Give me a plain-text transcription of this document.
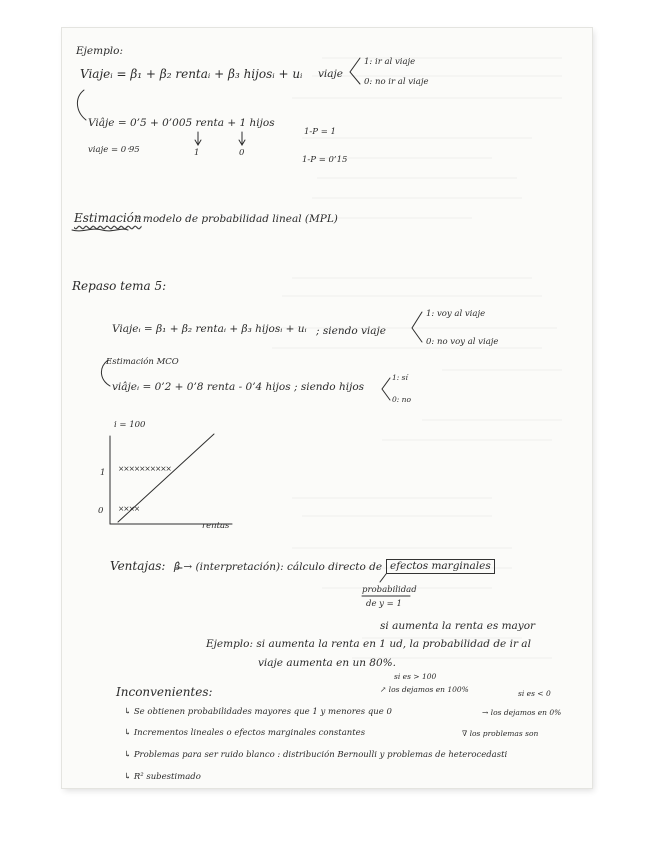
Ejemplo:
Viajeᵢ = β₁ + β₂ rentaᵢ + β₃ hijosᵢ + uᵢ viaje
1: ir al viaje
0: no ir al viaje
Viâje = 0’5 + 0’005 renta + 1 hijos
viaje = 0‧95	1	0
1-P = 1
1-P = 0’15
Estimación
: modelo de probabilidad lineal (MPL)
Repaso tema 5:
Viajeᵢ = β₁ + β₂ rentaᵢ + β₃ hijosᵢ + uᵢ ; siendo viaje
1: voy al viaje
0: no voy al viaje
Estimación MCO
viâjeᵢ = 0’2 + 0’8 renta - 0’4 hijos ; siendo hijos
1: sí
0: no
i = 100
1
0
××××××××××
××××
rentas
Ventajas: β̂ → (interpretación): cálculo directo de efectos marginales
probabilidad
de y = 1
si aumenta la renta es mayor
Ejemplo: si aumenta la renta en 1 ud, la probabilidad de ir al
viaje aumenta en un 80%.
Inconvenientes:
si es > 100
↗ los dejamos en 100%	si es < 0
↳ Se obtienen probabilidades mayores que 1 y menores que 0	→ los dejamos en 0%
↳ Incrementos lineales o efectos marginales constantes	∇ los problemas son
↳ Problemas para ser ruido blanco : distribución Bernoulli y problemas de heterocedasti
↳ R² subestimado
